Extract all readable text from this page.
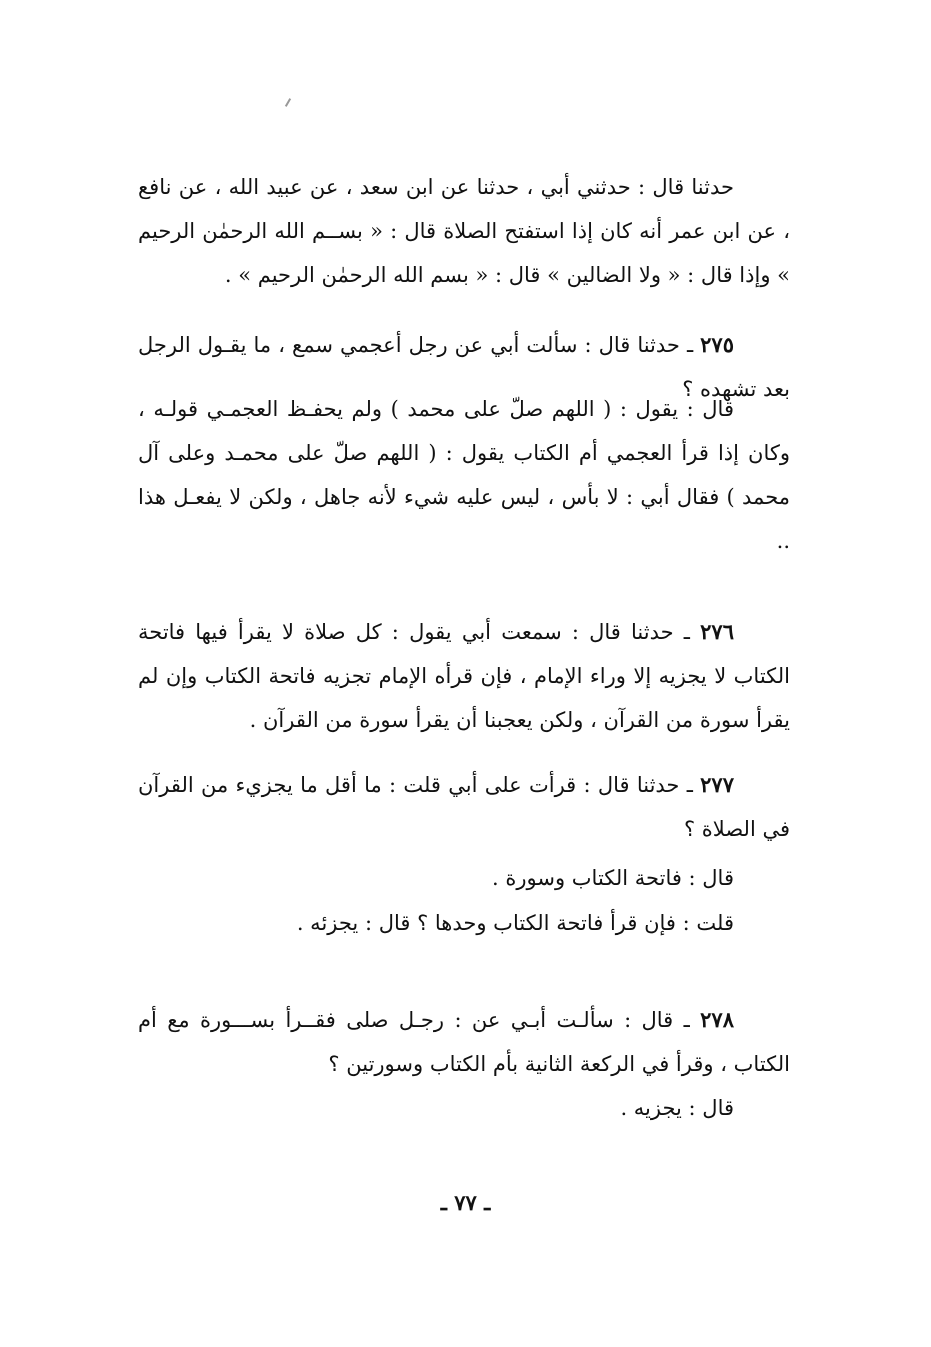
حدثنا قال : حدثني أبي ، حدثنا عن ابن سعد ، عن عبيد الله ، عن نافع ، عن ابن عمر أنه كان إذا استفتح الصلاة قال : « بســم الله الرحمٰن الرحيم » وإذا قال : « ولا الضالين » قال : « بسم الله الرحمٰن الرحيم » .

٢٧٥ ـ حدثنا قال : سألت أبي عن رجل أعجمي سمع ، ما يقـول الرجل بعد تشهده ؟

قال : يقول : ( اللهم صلّ على محمد ) ولم يحفـظ العجمـي قولـه ، وكان إذا قرأ العجمي أم الكتاب يقول : ( اللهم صلّ على محمـد وعلى آل محمد ) فقال أبي : لا بأس ، ليس عليه شيء لأنه جاهل ، ولكن لا يفعـل هذا ..

٢٧٦ ـ حدثنا قال : سمعت أبي يقول : كل صلاة لا يقرأ فيها فاتحة الكتاب لا يجزيه إلا وراء الإمام ، فإن قرأه الإمام تجزيه فاتحة الكتاب وإن لم يقرأ سورة من القرآن ، ولكن يعجبنا أن يقرأ سورة من القرآن .

٢٧٧ ـ حدثنا قال : قرأت على أبي قلت : ما أقل ما يجزيء من القرآن في الصلاة ؟

قال : فاتحة الكتاب وسورة .

قلت : فإن قرأ فاتحة الكتاب وحدها ؟ قال : يجزئه .

٢٧٨ ـ قال : سألـت أبـي عن : رجـل صلى فقــرأ بســـورة مع أم الكتاب ، وقرأ في الركعة الثانية بأم الكتاب وسورتين ؟

قال : يجزيه .

ـ ٧٧ ـ
